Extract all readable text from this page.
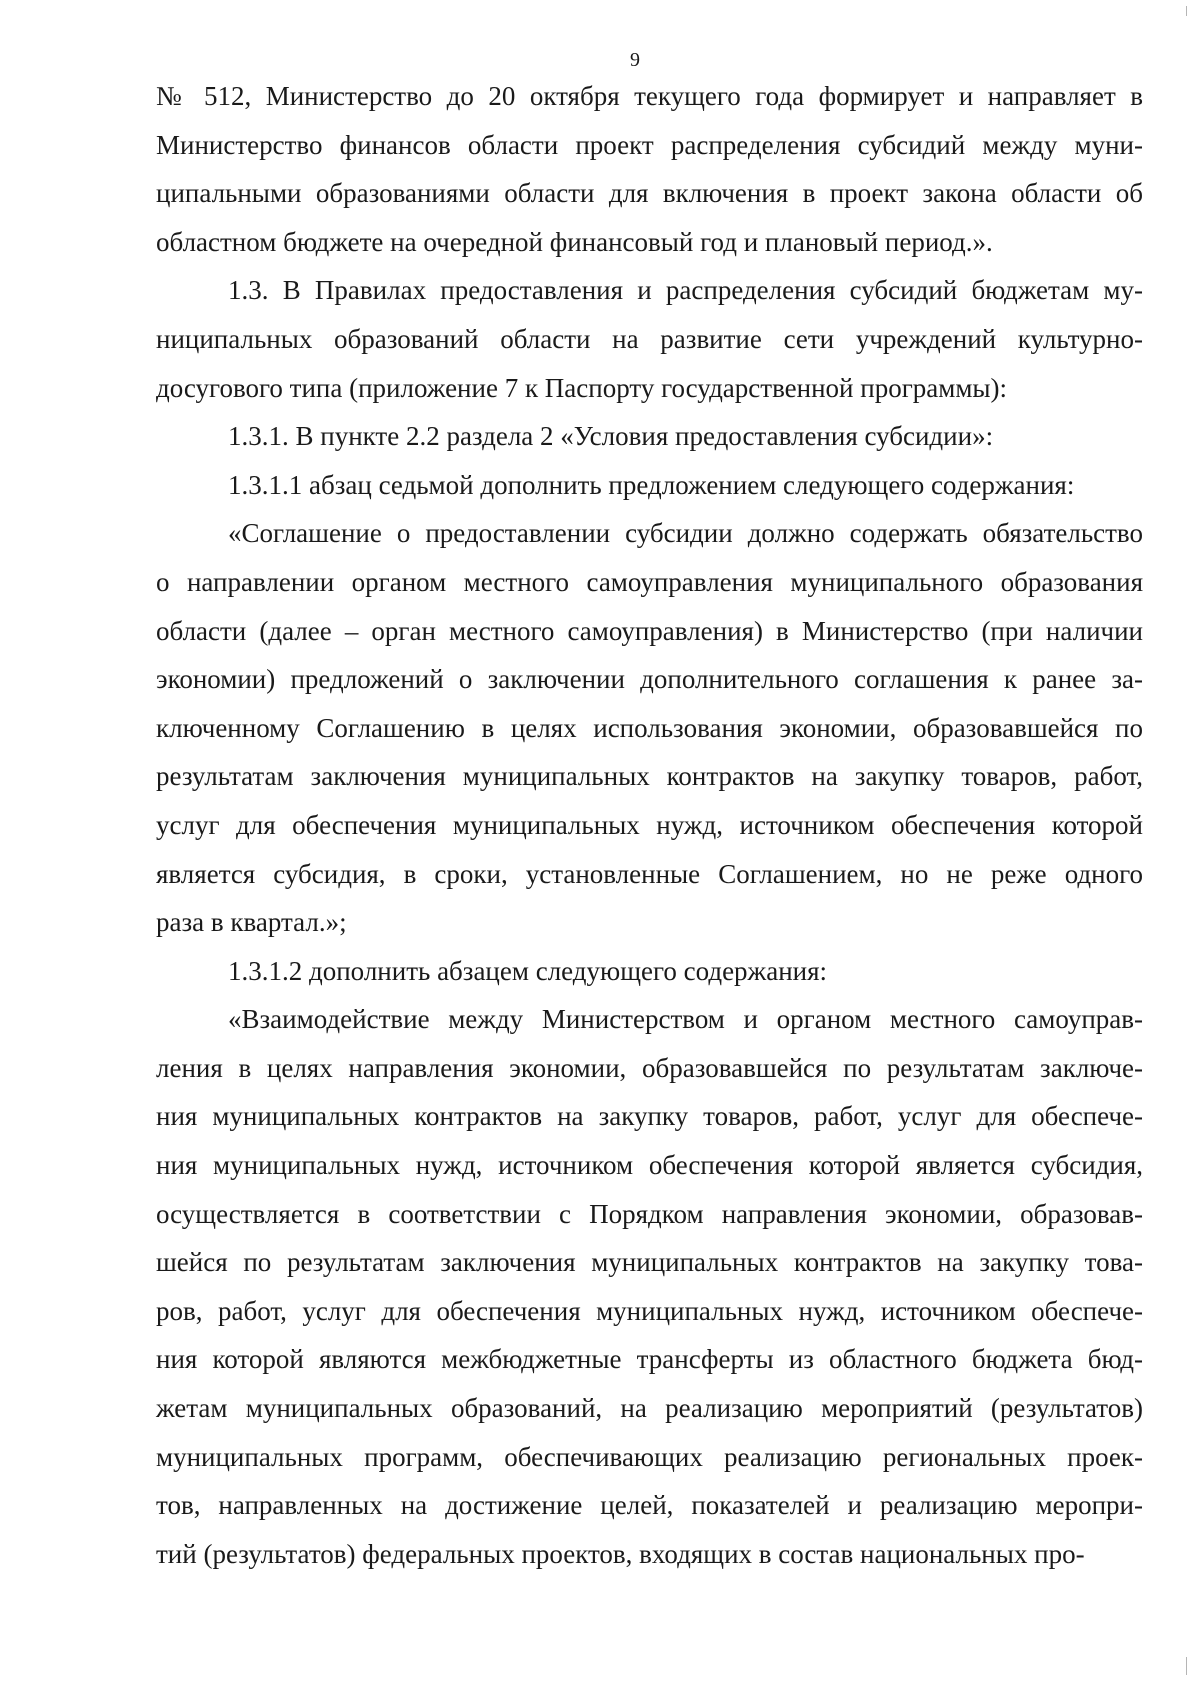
9
№ 512, Министерство до 20 октября текущего года формирует и направляет в
Министерство финансов области проект распределения субсидий между муни-
ципальными образованиями области для включения в проект закона области об
областном бюджете на очередной финансовый год и плановый период.».
1.3. В Правилах предоставления и распределения субсидий бюджетам му-
ниципальных образований области на развитие сети учреждений культурно-
досугового типа (приложение 7 к Паспорту государственной программы):
1.3.1. В пункте 2.2 раздела 2 «Условия предоставления субсидии»:
1.3.1.1 абзац седьмой дополнить предложением следующего содержания:
«Соглашение о предоставлении субсидии должно содержать обязательство
о направлении органом местного самоуправления муниципального образования
области (далее – орган местного самоуправления) в Министерство (при наличии
экономии) предложений о заключении дополнительного соглашения к ранее за-
ключенному Соглашению в целях использования экономии, образовавшейся по
результатам заключения муниципальных контрактов на закупку товаров, работ,
услуг для обеспечения муниципальных нужд, источником обеспечения которой
является субсидия, в сроки, установленные Соглашением, но не реже одного
раза в квартал.»;
1.3.1.2 дополнить абзацем следующего содержания:
«Взаимодействие между Министерством и органом местного самоуправ-
ления в целях направления экономии, образовавшейся по результатам заключе-
ния муниципальных контрактов на закупку товаров, работ, услуг для обеспече-
ния муниципальных нужд, источником обеспечения которой является субсидия,
осуществляется в соответствии с Порядком направления экономии, образовав-
шейся по результатам заключения муниципальных контрактов на закупку това-
ров, работ, услуг для обеспечения муниципальных нужд, источником обеспече-
ния которой являются межбюджетные трансферты из областного бюджета бюд-
жетам муниципальных образований, на реализацию мероприятий (результатов)
муниципальных программ, обеспечивающих реализацию региональных проек-
тов, направленных на достижение целей, показателей и реализацию меропри-
тий (результатов) федеральных проектов, входящих в состав национальных про-
